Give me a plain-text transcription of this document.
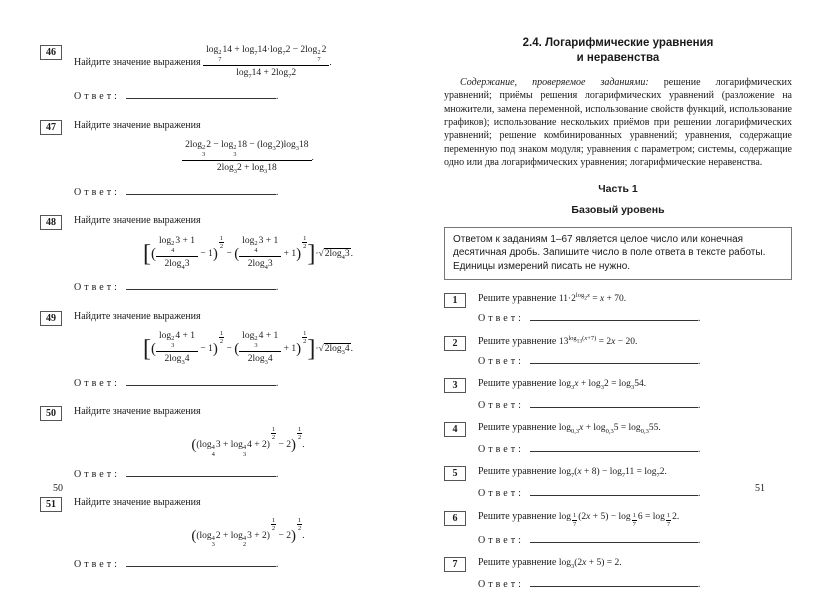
46
Найдите значение выражения log 2
7
$14 + \log_714\cdot\log_72 - 2\log$ 2
7
2
$\log_714 + 2\log_72$ .
Ответ:	.
47	Найдите значение выражения
2log 2
3
2 − log 2
3
$18 - (\log_32)\log_318$
$2\log_32 + \log_318$ .
Ответ:	.
48	Найдите значение выражения
[( log 2
4
3 + 1
$2\log_43 - 1$)
$^{\frac{1}{2}}$
− ( log 2
4
3 + 1
$2\log_43 + 1$)
$^{\frac{1}{2}}$ ]$\cdot√2\log_43$.
Ответ:	.
49	Найдите значение выражения
[( log 2
3
4 + 1
$2\log_34 - 1$)
$^{\frac{1}{2}}$
− ( log 2
3
4 + 1
$2\log_34 + 1$)
$^{\frac{1}{2}}$ ]$\cdot√2\log_34$.
Ответ:	.
50	Найдите значение выражения
((log 4
4
3 + log 4
3
4 + 2)
$^{\frac{1}{2}}$
− 2)
$^{\frac{1}{2}}$
.
Ответ:	.
51	Найдите значение выражения
((log 4
3
2 + log 4
2
3 + 2)
$^{\frac{1}{2}}$
− 2)
$^{\frac{1}{2}}$
.
Ответ:	.
2.4. Логарифмические уравнения
и неравенства

Содержание, проверяемое заданиями: решение логарифмических уравнений; приёмы решения логарифмических уравнений (разложение на множители, замена переменной, использование свойств функций, использование графиков); использование нескольких приёмов при решении логарифмических уравнений; решение комбинированных уравнений; уравнения, содержащие переменную под знаком модуля; уравнения с параметром; системы, содержащие одно или два логарифмических уравнения; логарифмические неравенства.

Часть 1
Базовый уровень
Ответом к заданиям 1–67 является целое число или конечная десятичная дробь. Запишите число в поле ответа в тексте работы. Единицы измерений писать не нужно.
1	Решите уравнение $11\cdot 2^{log_2x} = x + 70$.
Ответ:	.
2	Решите уравнение $13^{log_{13}(x+7)} = 2x - 20$.
Ответ:	.
3	Решите уравнение $\log_3x + \log_32 = \log_354$.
Ответ:	.
4	Решите уравнение $\log_{0,3}x + \log_{0,3}5 = \log_{0,3}55$.
Ответ:	.
5	Решите уравнение $\log_7(x + 8) - \log_711 = \log_72$.
Ответ:	.
6	Решите уравнение log $_{\frac{1}{7}}$ (2x + 5) − log $_{\frac{1}{7}}$ 6 = log $_{\frac{1}{7}}$ 2.
Ответ:	.
7	Решите уравнение $\log_3(2x + 5) = 2$.
Ответ:	.
50	51
